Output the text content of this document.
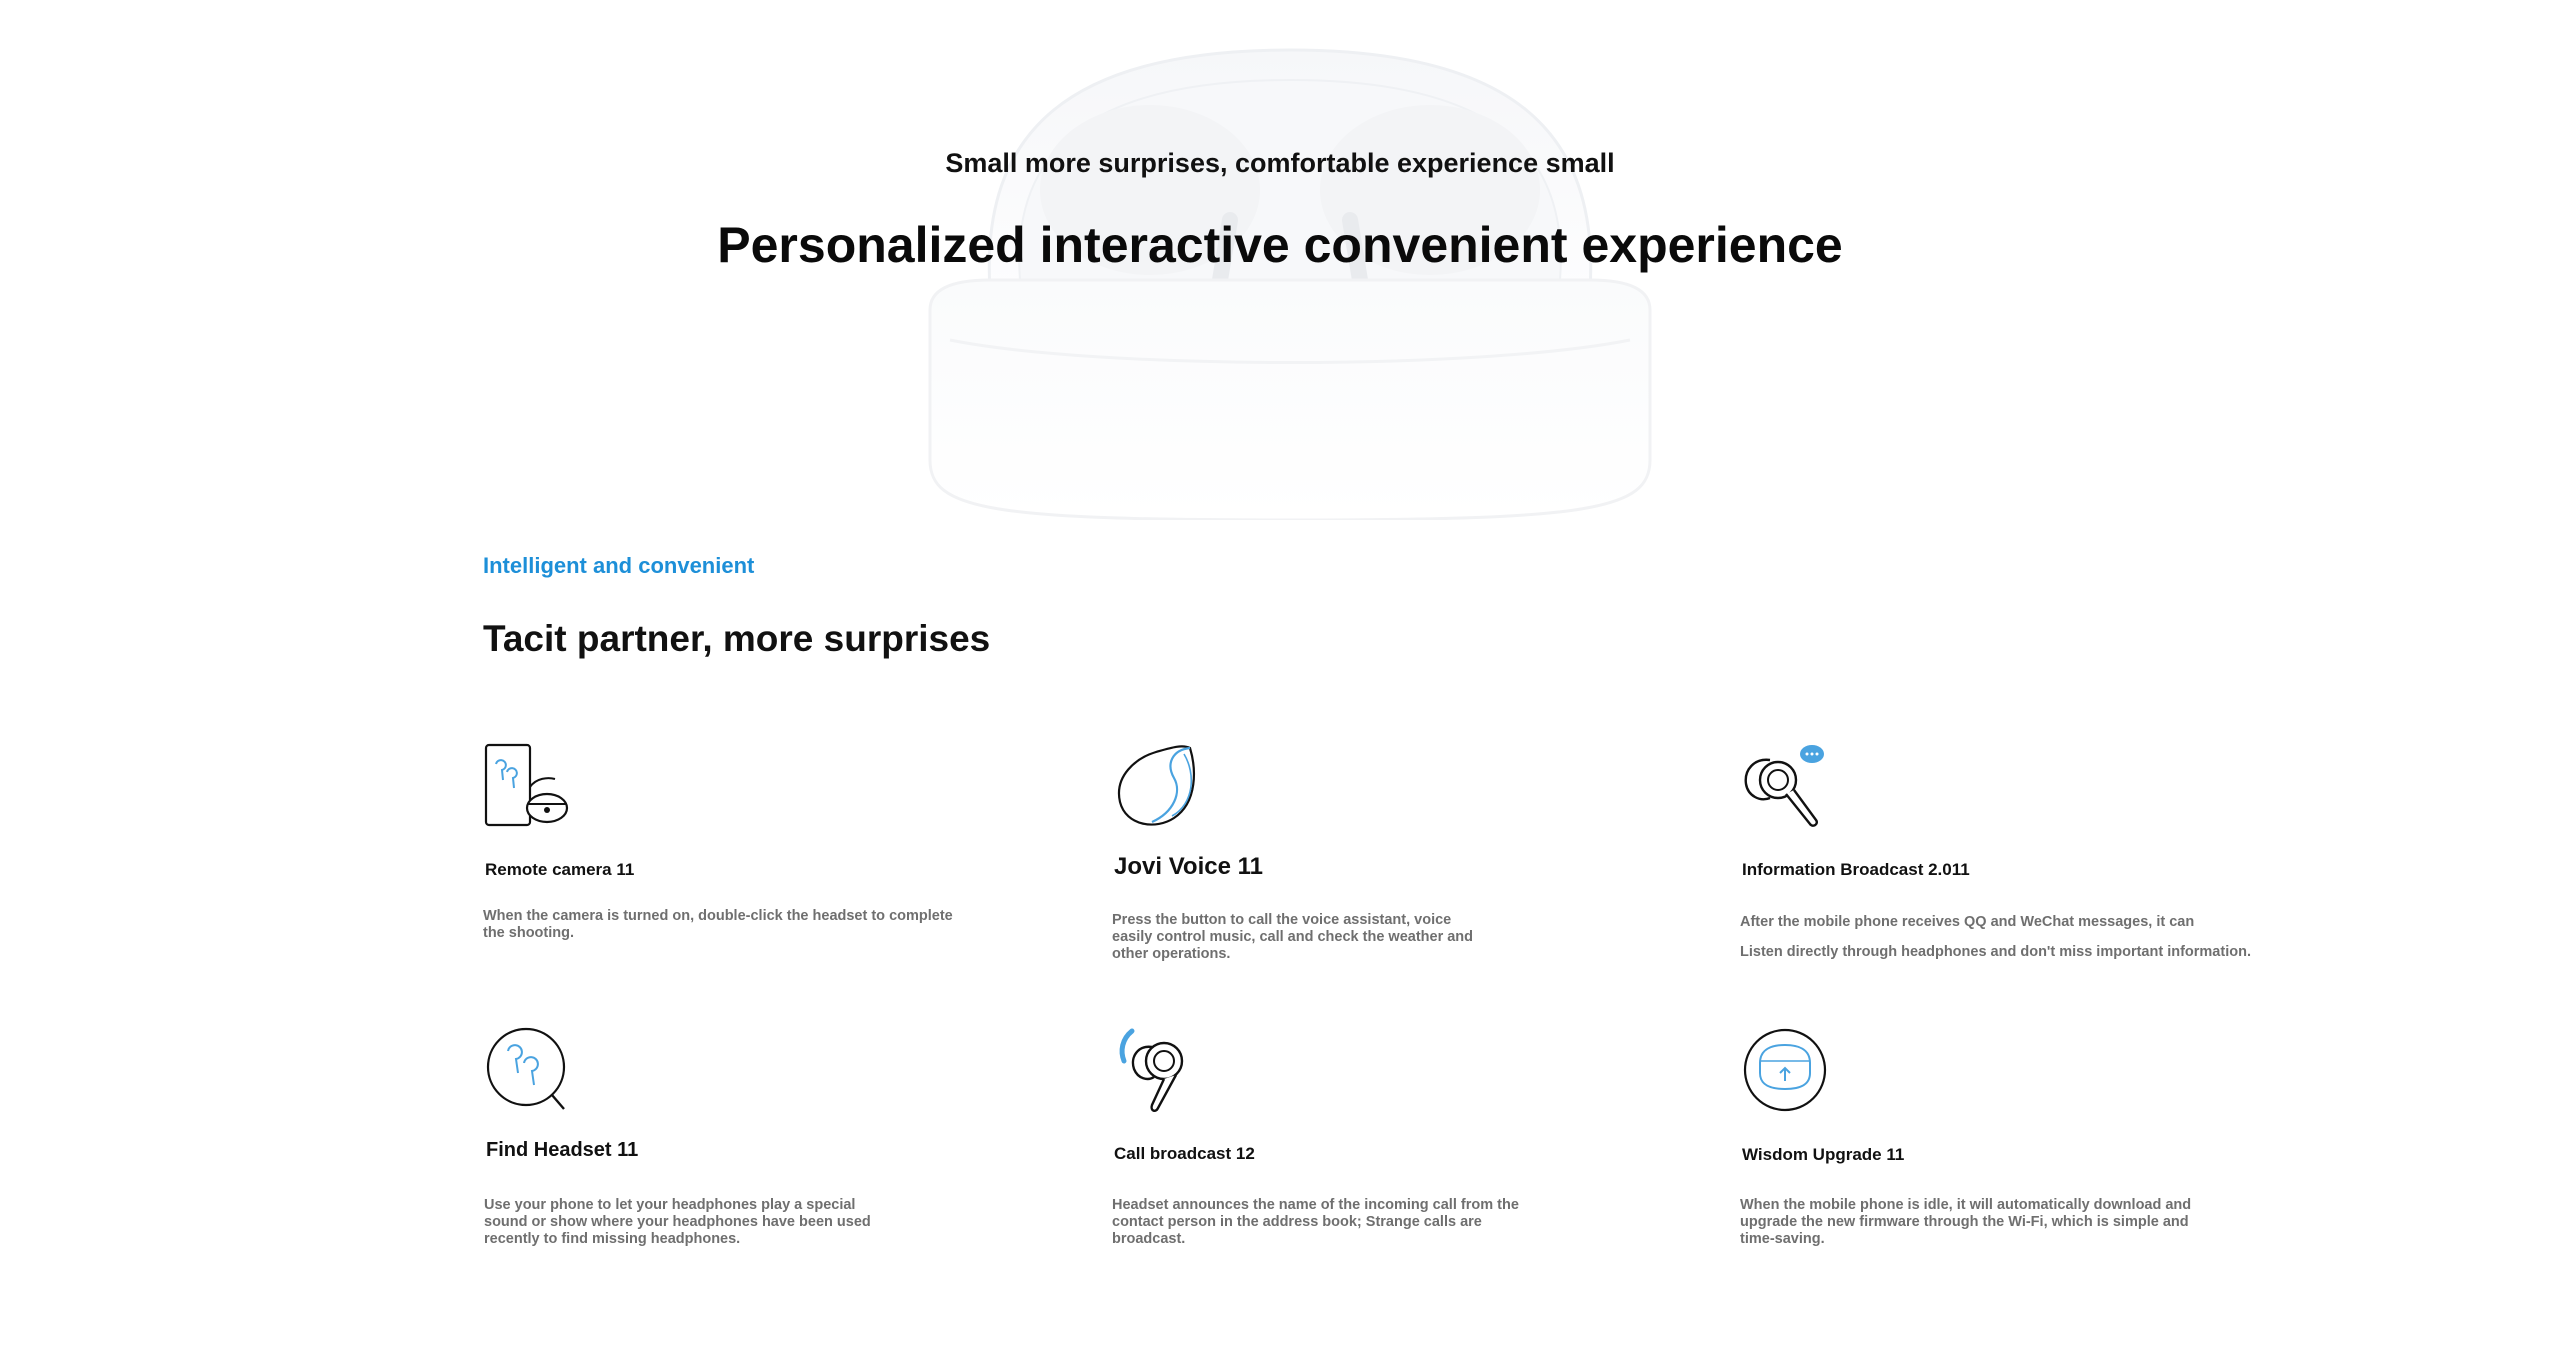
Small more surprises, comfortable experience small
Personalized interactive convenient experience
Intelligent and convenient
Tacit partner, more surprises
Remote camera 11
When the camera is turned on, double-click the headset to complete the shooting.
Jovi Voice 11
Press the button to call the voice assistant, voice easily control music, call and check the weather and other operations.
Information Broadcast 2.011
After the mobile phone receives QQ and WeChat messages, it can
Listen directly through headphones and don't miss important information.
Find Headset 11
Use your phone to let your headphones play a special sound or show where your headphones have been used recently to find missing headphones.
Call broadcast 12
Headset announces the name of the incoming call from the contact person in the address book; Strange calls are broadcast.
Wisdom Upgrade 11
When the mobile phone is idle, it will automatically download and upgrade the new firmware through the Wi-Fi, which is simple and time-saving.
